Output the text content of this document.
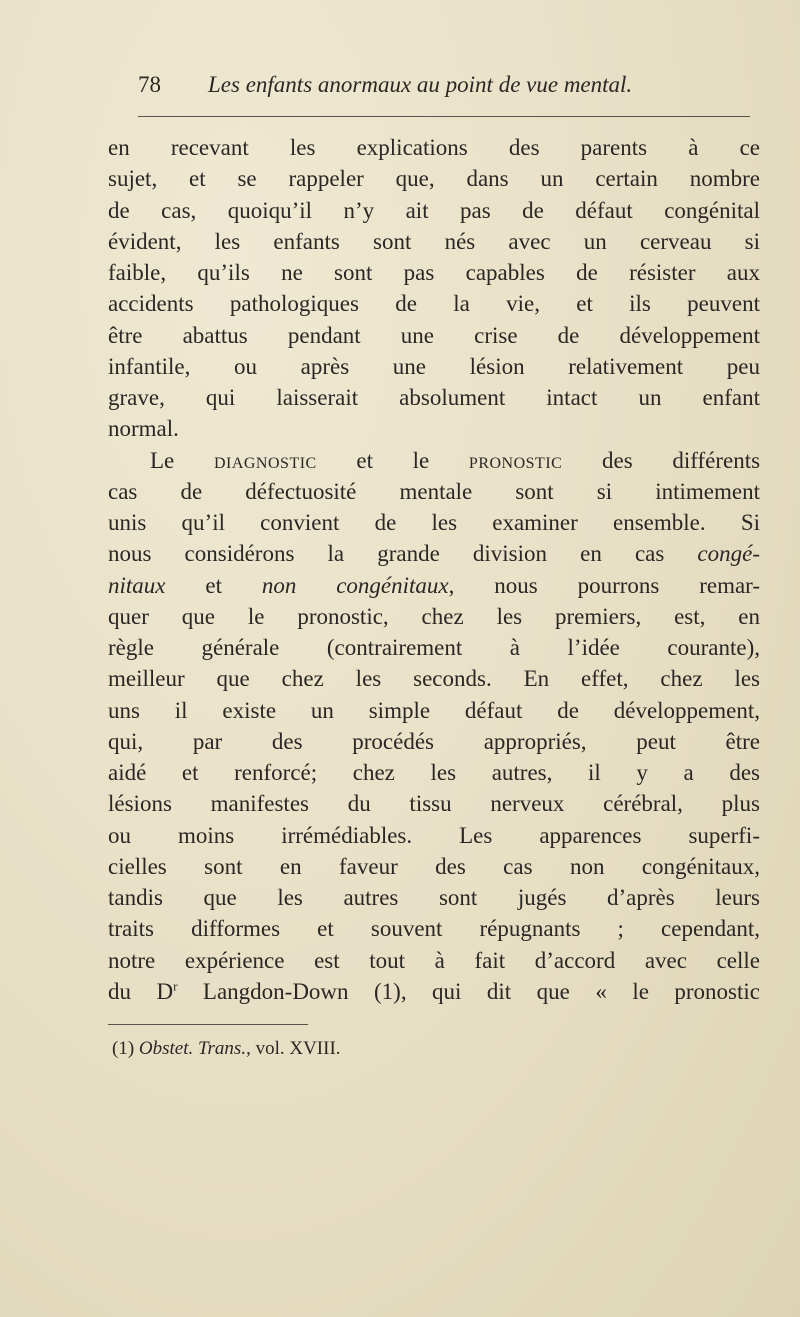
78 Les enfants anormaux au point de vue mental.

en recevant les explications des parents à ce
sujet, et se rappeler que, dans un certain nombre
de cas, quoiqu’il n’y ait pas de défaut congénital
évident, les enfants sont nés avec un cerveau si
faible, qu’ils ne sont pas capables de résister aux
accidents pathologiques de la vie, et ils peuvent
être abattus pendant une crise de développement
infantile, ou après une lésion relativement peu
grave, qui laisserait absolument intact un enfant
normal.
Le diagnostic et le pronostic des différents
cas de défectuosité mentale sont si intimement
unis qu’il convient de les examiner ensemble. Si
nous considérons la grande division en cas congé-
nitaux et non congénitaux, nous pourrons remar-
quer que le pronostic, chez les premiers, est, en
règle générale (contrairement à l’idée courante),
meilleur que chez les seconds. En effet, chez les
uns il existe un simple défaut de développement,
qui, par des procédés appropriés, peut être
aidé et renforcé; chez les autres, il y a des
lésions manifestes du tissu nerveux cérébral, plus
ou moins irrémédiables. Les apparences superfi-
cielles sont en faveur des cas non congénitaux,
tandis que les autres sont jugés d’après leurs
traits difformes et souvent répugnants ; cependant,
notre expérience est tout à fait d’accord avec celle
du $D^r$ Langdon-Down (1), qui dit que « le pronostic

(1) Obstet. Trans., vol. XVIII.
